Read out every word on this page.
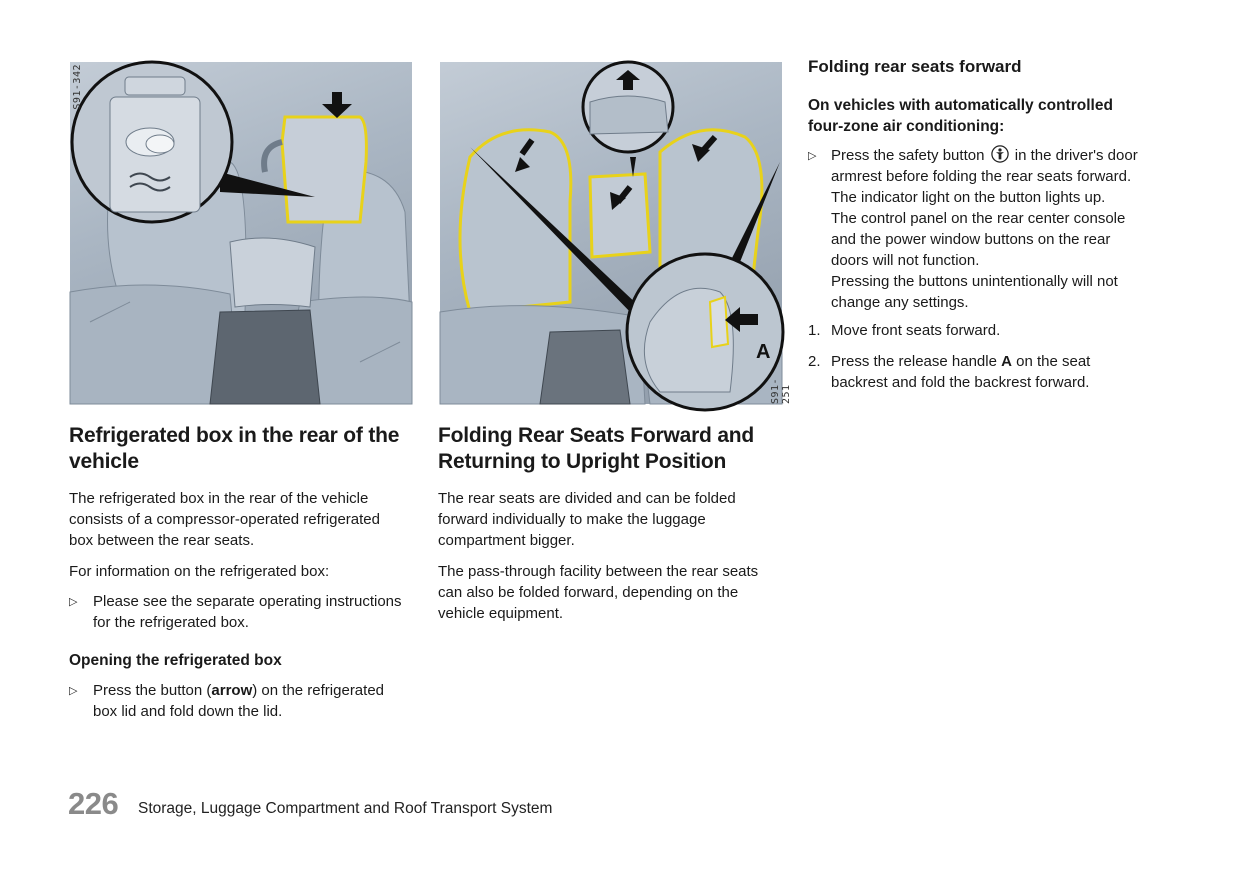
S91-342
A
S91-251
Refrigerated box in the rear of the
vehicle

The refrigerated box in the rear of the vehicle
consists of a compressor-operated refrigerated
box between the rear seats.

For information on the refrigerated box:

▷ Please see the separate operating instructions
for the refrigerated box.

Opening the refrigerated box

▷ Press the button (arrow) on the refrigerated
box lid and fold down the lid.

Folding Rear Seats Forward and
Returning to Upright Position

The rear seats are divided and can be folded
forward individually to make the luggage
compartment bigger.

The pass-through facility between the rear seats
can also be folded forward, depending on the
vehicle equipment.

Folding rear seats forward

On vehicles with automatically controlled
four-zone air conditioning:

▷ Press the safety button in the driver's door
armrest before folding the rear seats forward.
The indicator light on the button lights up.
The control panel on the rear center console
and the power window buttons on the rear
doors will not function.
Pressing the buttons unintentionally will not
change any settings.

1. Move front seats forward.

2. Press the release handle A on the seat
backrest and fold the backrest forward.

226 Storage, Luggage Compartment and Roof Transport System
